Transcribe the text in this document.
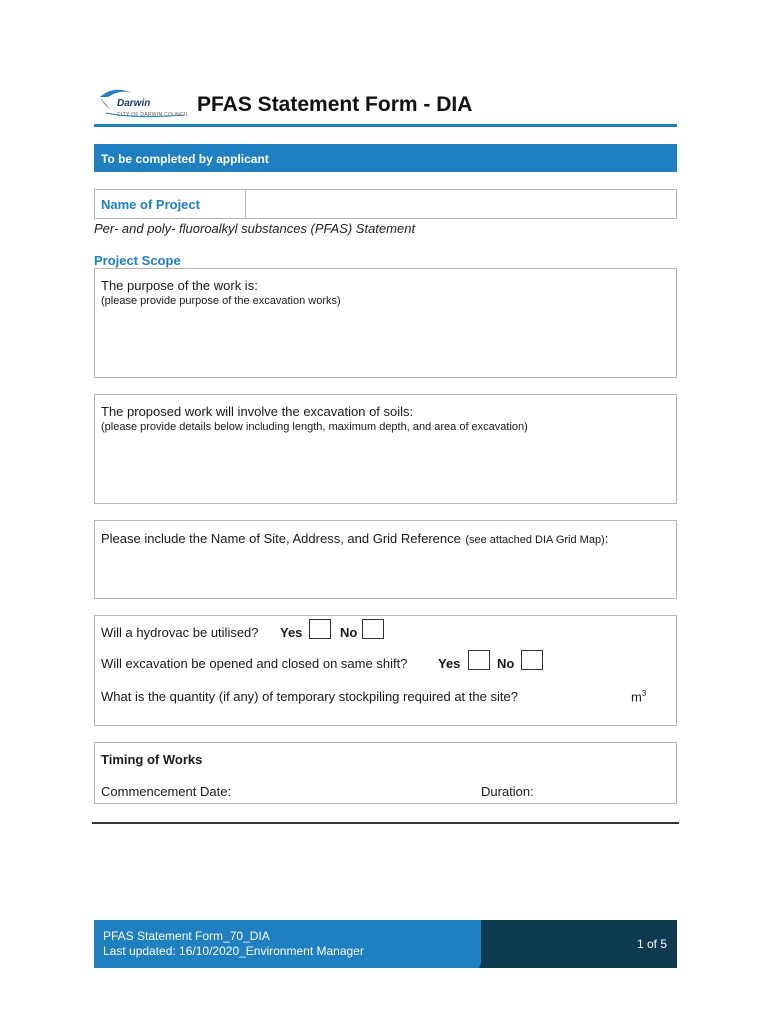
Darwin
CITY OF DARWIN COUNCIL PFAS Statement Form - DIA
To be completed by applicant
Name of Project
Per- and poly- fluoroalkyl substances (PFAS) Statement
Project Scope
The purpose of the work is:
(please provide purpose of the excavation works)
The proposed work will involve the excavation of soils:
(please provide details below including length, maximum depth, and area of excavation)
Please include the Name of Site, Address, and Grid Reference (see attached DIA Grid Map):
Will a hydrovac be utilised? Yes	No
Will excavation be opened and closed on same shift? Yes	No
What is the quantity (if any) of temporary stockpiling required at the site?	$m^3$
Timing of Works
Commencement Date:	Duration:
PFAS Statement Form_70_DIA
Last updated: 16/10/2020_Environment Manager	1 of 5
